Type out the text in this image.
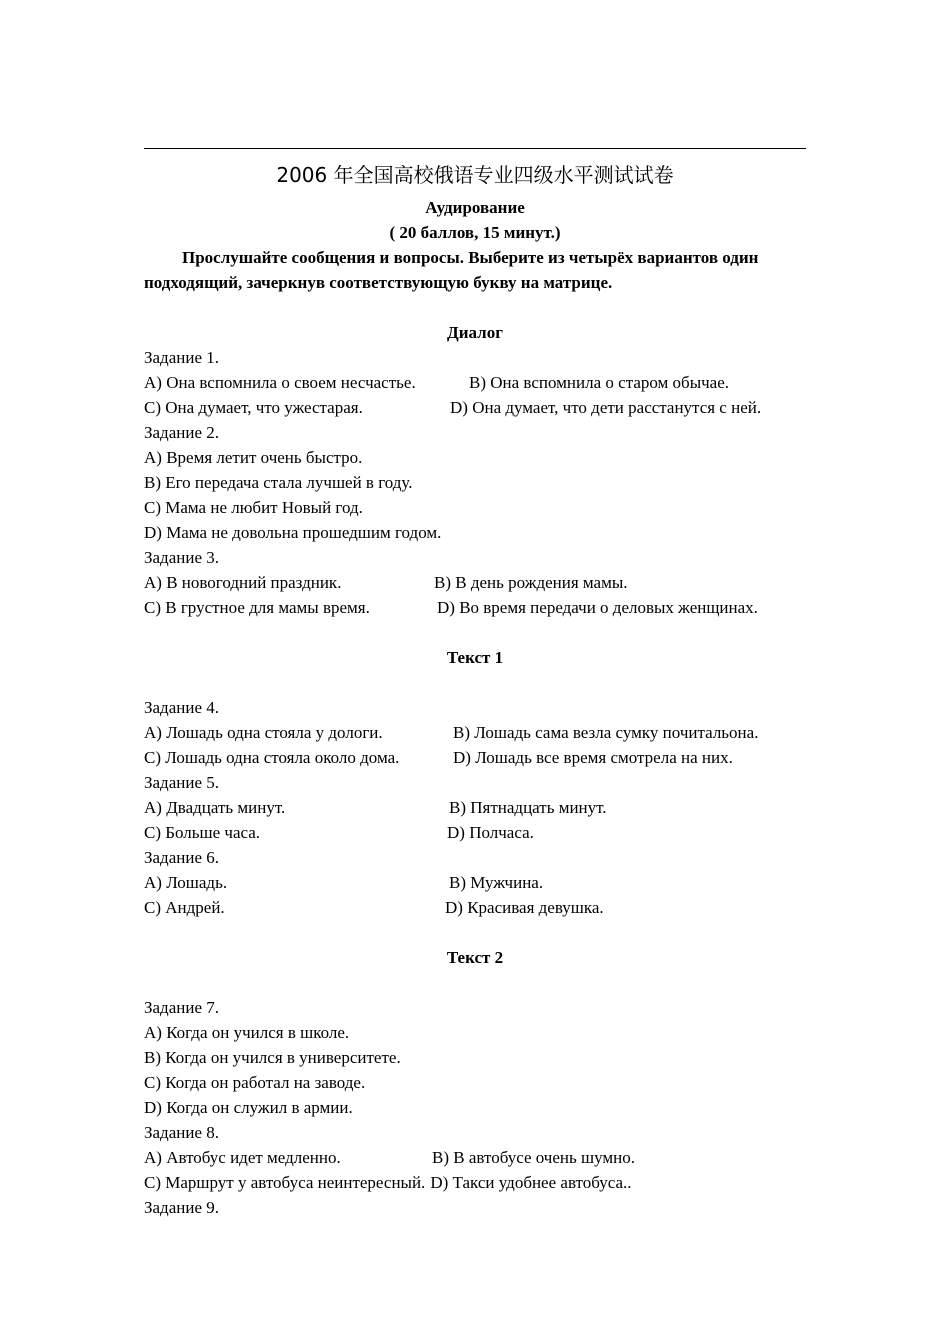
2006 年全国高校俄语专业四级水平测试试卷
Аудирование
( 20 баллов, 15 минут.)
Прослушайте сообщения и вопросы. Выберите из четырёх вариантов один подходящий, зачеркнув соответствующую букву на матрице.
Диалог
Задание 1.
A) Она вспомнила о своем несчастье.	B) Она вспомнила о старом обычае.
C) Она думает, что ужестарая.	D) Она думает, что дети расстанутся с ней.
Задание 2.
A) Время летит очень быстро.
B) Его передача стала лучшей в году.
C) Мама не любит Новый год.
D) Мама не довольна прошедшим годом.
Задание 3.
A) В новогодний праздник.	B) В день рождения мамы.
C) В грустное для мамы время.	D) Во время передачи о деловых женщинах.
Текст 1
Задание 4.
A) Лошадь одна стояла у дологи.	B) Лошадь сама везла сумку почитальона.
C) Лошадь одна стояла около дома.	D) Лошадь все время смотрела на них.
Задание 5.
A) Двадцать минут.	B) Пятнадцать минут.
C) Больше часа.	D) Полчаса.
Задание 6.
A) Лошадь.	B) Мужчина.
C) Андрей.	D) Красивая девушка.
Текст 2
Задание 7.
A) Когда он учился в школе.
B) Когда он учился в университете.
C) Когда он работал на заводе.
D) Когда он служил в армии.
Задание 8.
A) Автобус идет медленно.	B) В автобусе очень шумно.
C) Маршрут у автобуса неинтересный. D) Такси удобнее автобуса..
Задание 9.
